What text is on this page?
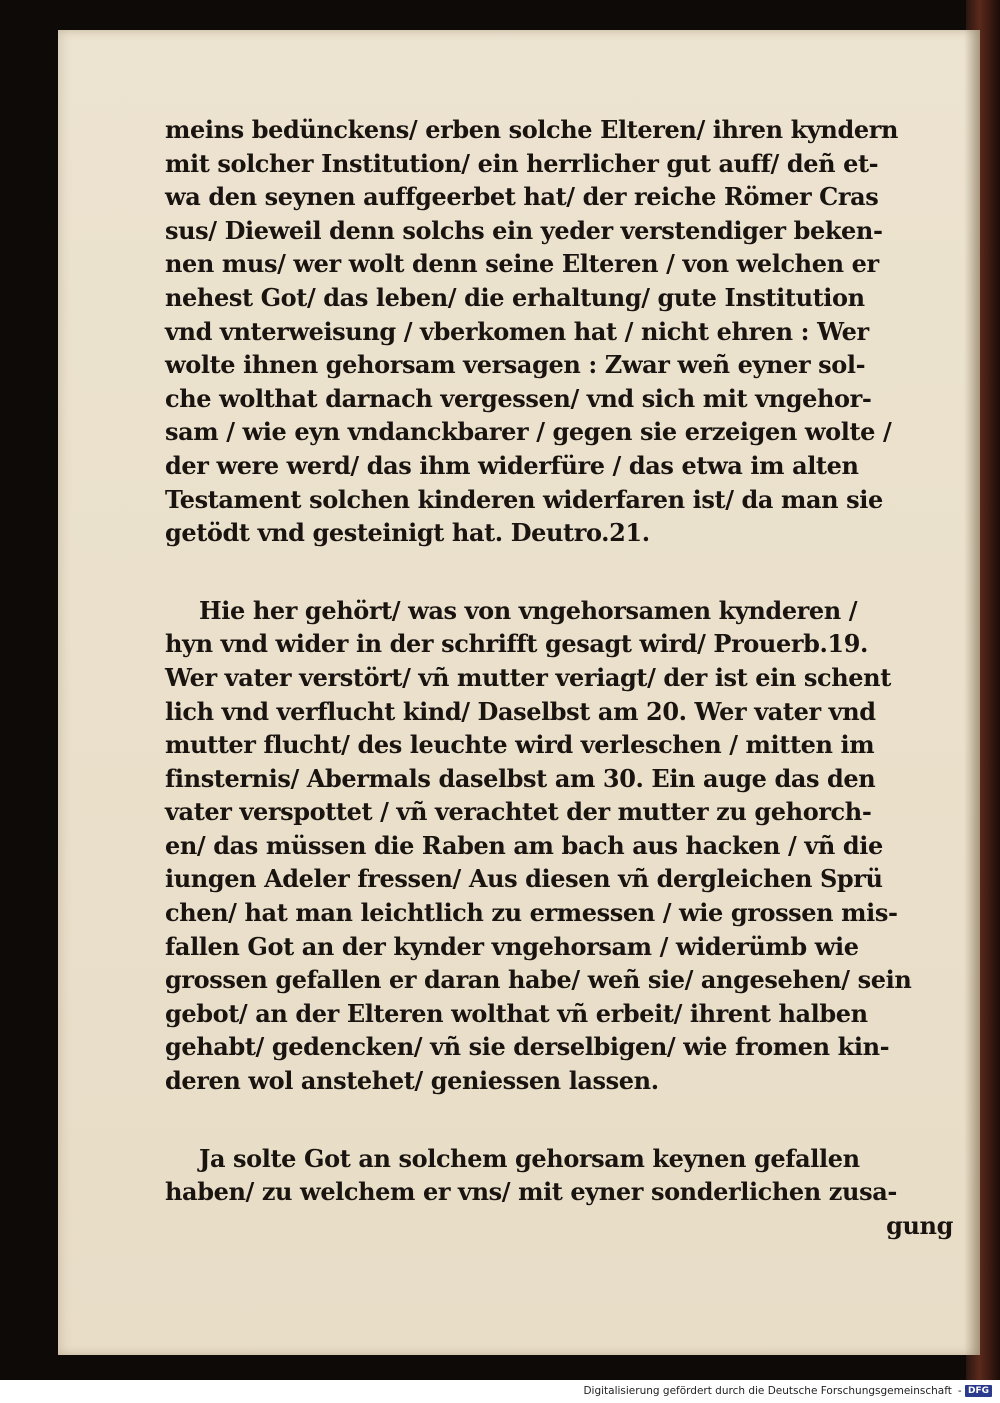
meins bedünckens/ erben solche Elteren/ ihren kyndern
mit solcher Institution/ ein herrlicher gut auff/ deñ et-
wa den seynen auffgeerbet hat/ der reiche Römer Cras
sus/ Dieweil denn solchs ein yeder verstendiger beken-
nen mus/ wer wolt denn seine Elteren / von welchen er
nehest Got/ das leben/ die erhaltung/ gute Institution
vnd vnterweisung / vberkomen hat / nicht ehren : Wer
wolte ihnen gehorsam versagen : Zwar weñ eyner sol-
che wolthat darnach vergessen/ vnd sich mit vngehor-
sam / wie eyn vndanckbarer / gegen sie erzeigen wolte /
der were werd/ das ihm widerfüre / das etwa im alten
Testament solchen kinderen widerfaren ist/ da man sie
getödt vnd gesteinigt hat. Deutro.21.
Hie her gehört/ was von vngehorsamen kynderen /
hyn vnd wider in der schrifft gesagt wird/ Prouerb.19.
Wer vater verstört/ vñ mutter veriagt/ der ist ein schent
lich vnd verflucht kind/ Daselbst am 20. Wer vater vnd
mutter flucht/ des leuchte wird verleschen / mitten im
finsternis/ Abermals daselbst am 30. Ein auge das den
vater verspottet / vñ verachtet der mutter zu gehorch-
en/ das müssen die Raben am bach aus hacken / vñ die
iungen Adeler fressen/ Aus diesen vñ dergleichen Sprü
chen/ hat man leichtlich zu ermessen / wie grossen mis-
fallen Got an der kynder vngehorsam / widerümb wie
grossen gefallen er daran habe/ weñ sie/ angesehen/ sein
gebot/ an der Elteren wolthat vñ erbeit/ ihrent halben
gehabt/ gedencken/ vñ sie derselbigen/ wie fromen kin-
deren wol anstehet/ geniessen lassen.
Ja solte Got an solchem gehorsam keynen gefallen
haben/ zu welchem er vns/ mit eyner sonderlichen zusa-
gung
Digitalisierung gefördert durch die Deutsche Forschungsgemeinschaft - DFG
